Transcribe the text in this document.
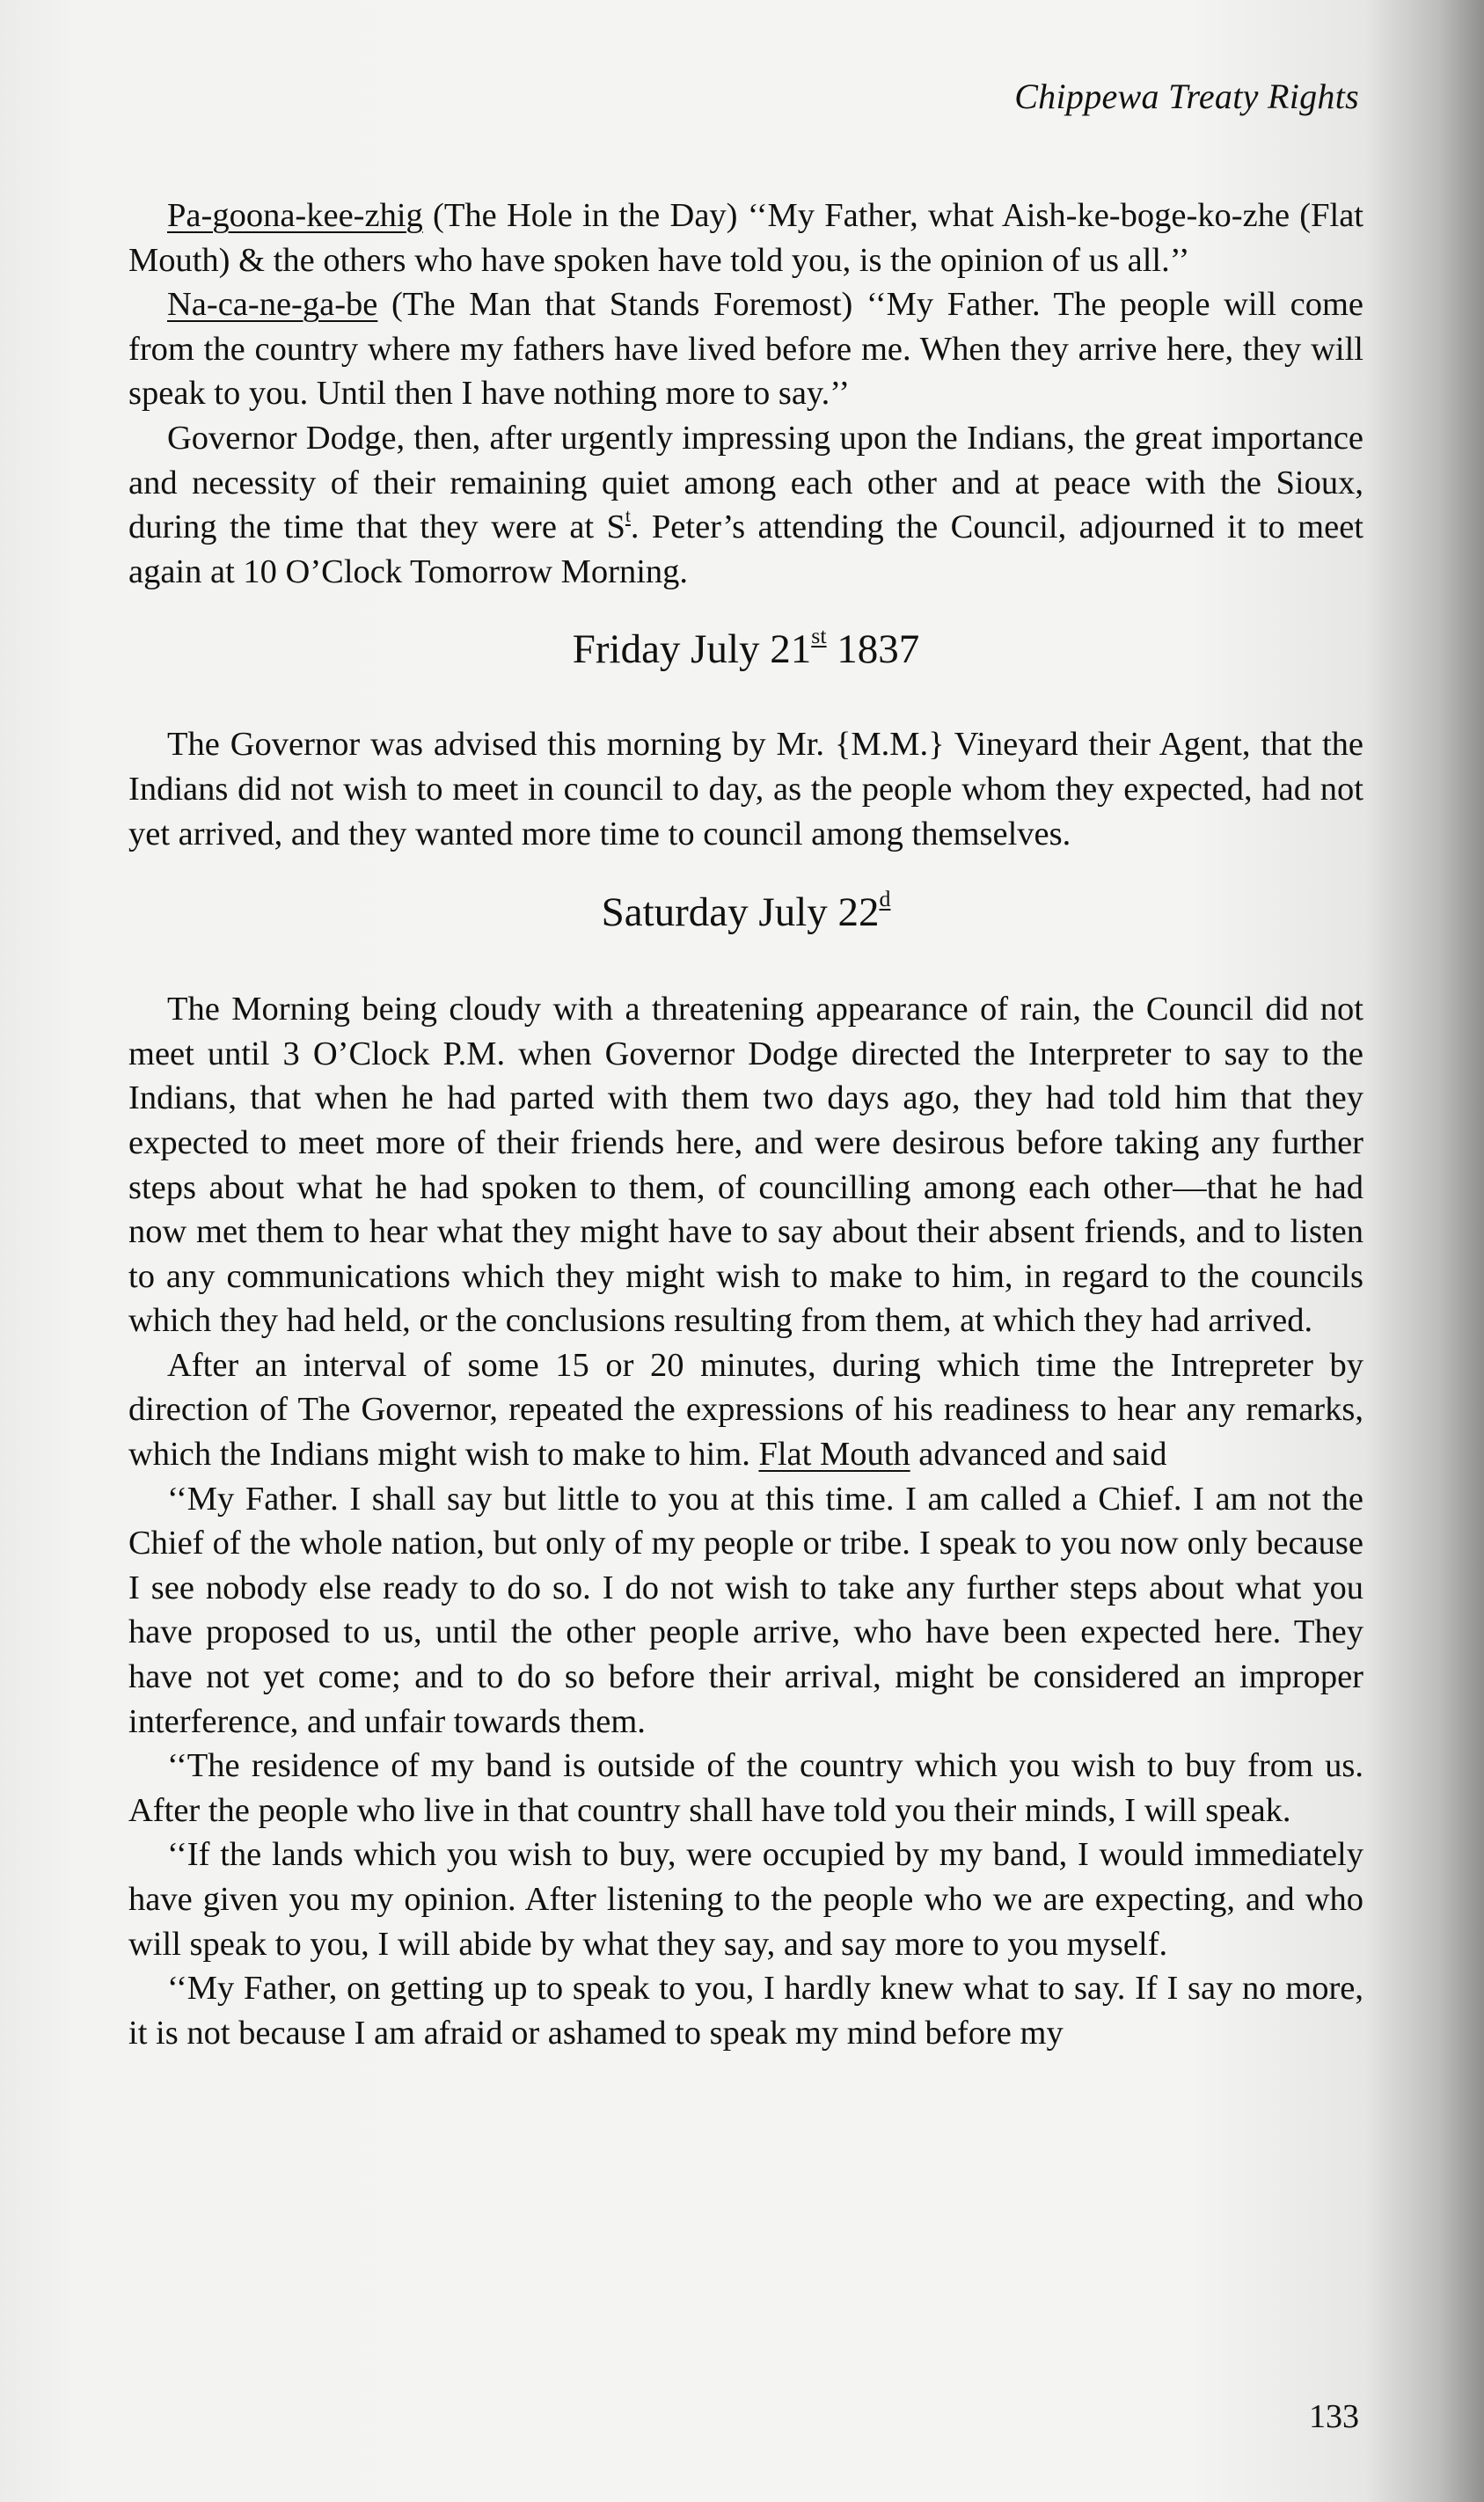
Chippewa Treaty Rights

Pa-goona-kee-zhig (The Hole in the Day) ‘‘My Father, what Aish-ke-boge-ko-zhe (Flat Mouth) & the others who have spoken have told you, is the opinion of us all.’’

Na-ca-ne-ga-be (The Man that Stands Foremost) ‘‘My Father. The people will come from the country where my fathers have lived before me. When they arrive here, they will speak to you. Until then I have nothing more to say.’’

Governor Dodge, then, after urgently impressing upon the Indians, the great importance and necessity of their remaining quiet among each other and at peace with the Sioux, during the time that they were at $S^t$. Peter’s attending the Council, adjourned it to meet again at 10 O’Clock Tomorrow Morning.

Friday July 21st 1837

The Governor was advised this morning by Mr. {M.M.} Vineyard their Agent, that the Indians did not wish to meet in council to day, as the people whom they expected, had not yet arrived, and they wanted more time to council among themselves.

Saturday July 22$^d$

The Morning being cloudy with a threatening appearance of rain, the Council did not meet until 3 O’Clock P.M. when Governor Dodge directed the Interpreter to say to the Indians, that when he had parted with them two days ago, they had told him that they expected to meet more of their friends here, and were desirous before taking any further steps about what he had spoken to them, of councilling among each other—that he had now met them to hear what they might have to say about their absent friends, and to listen to any communications which they might wish to make to him, in regard to the councils which they had held, or the conclusions resulting from them, at which they had arrived.

After an interval of some 15 or 20 minutes, during which time the Intrepreter by direction of The Governor, repeated the expressions of his readiness to hear any remarks, which the Indians might wish to make to him. Flat Mouth advanced and said

‘‘My Father. I shall say but little to you at this time. I am called a Chief. I am not the Chief of the whole nation, but only of my people or tribe. I speak to you now only because I see nobody else ready to do so. I do not wish to take any further steps about what you have proposed to us, until the other people arrive, who have been expected here. They have not yet come; and to do so before their arrival, might be considered an improper interference, and unfair towards them.

‘‘The residence of my band is outside of the country which you wish to buy from us. After the people who live in that country shall have told you their minds, I will speak.

‘‘If the lands which you wish to buy, were occupied by my band, I would immediately have given you my opinion. After listening to the people who we are expecting, and who will speak to you, I will abide by what they say, and say more to you myself.

‘‘My Father, on getting up to speak to you, I hardly knew what to say. If I say no more, it is not because I am afraid or ashamed to speak my mind before my

133
